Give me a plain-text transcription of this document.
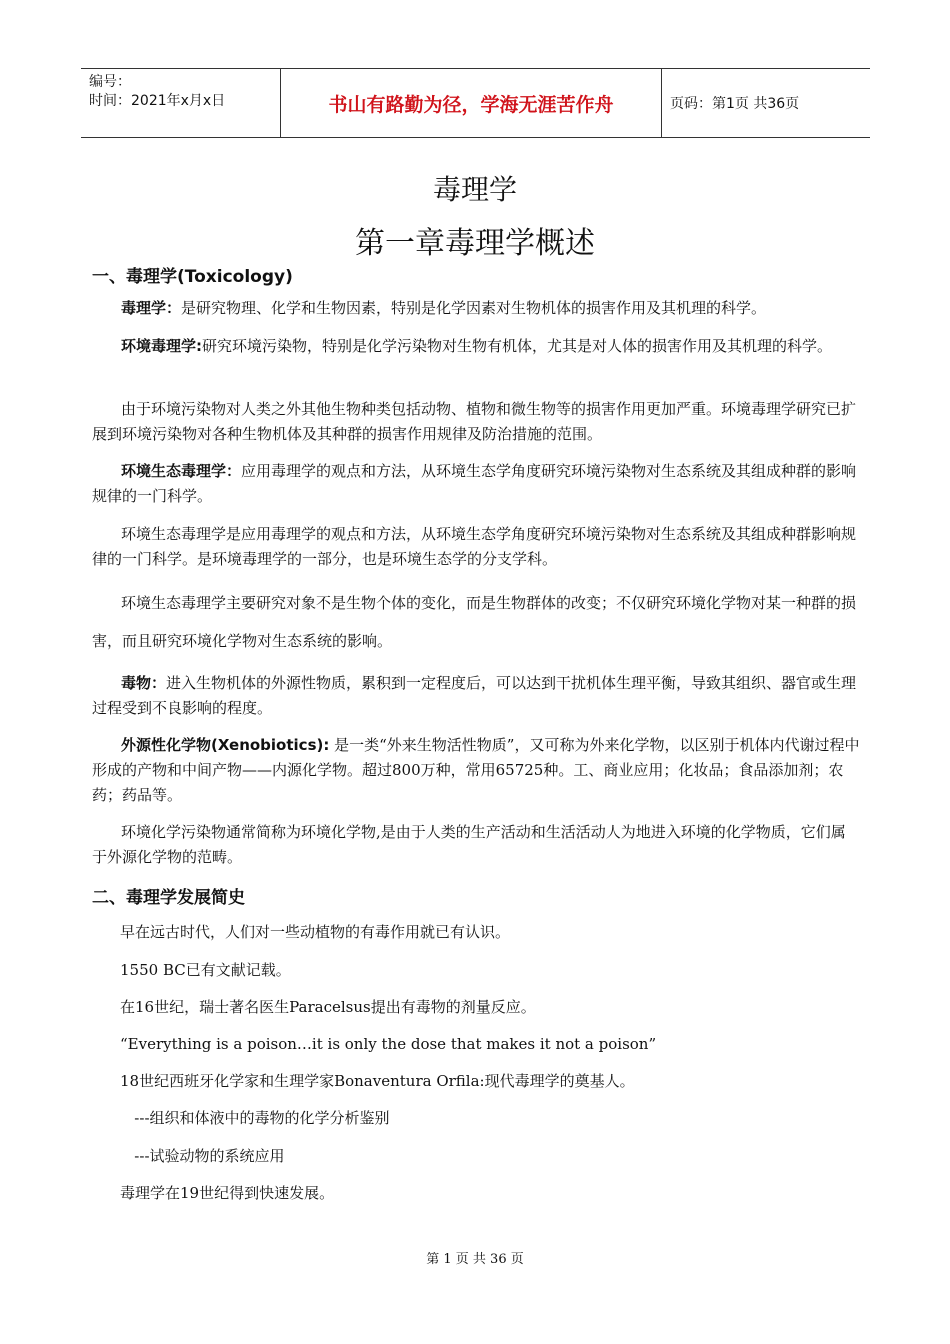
编号：
时间：2021年x月x日	书山有路勤为径，学海无涯苦作舟	页码：第1页 共36页
毒理学
第一章毒理学概述
一、毒理学(Toxicology)
毒理学：是研究物理、化学和生物因素，特别是化学因素对生物机体的损害作用及其机理的科学。
环境毒理学:研究环境污染物，特别是化学污染物对生物有机体，尤其是对人体的损害作用及其机理的科学。
由于环境污染物对人类之外其他生物种类包括动物、植物和微生物等的损害作用更加严重。环境毒理学研究已扩展到环境污染物对各种生物机体及其种群的损害作用规律及防治措施的范围。
环境生态毒理学：应用毒理学的观点和方法，从环境生态学角度研究环境污染物对生态系统及其组成种群的影响规律的一门科学。
环境生态毒理学是应用毒理学的观点和方法，从环境生态学角度研究环境污染物对生态系统及其组成种群影响规律的一门科学。是环境毒理学的一部分，也是环境生态学的分支学科。
环境生态毒理学主要研究对象不是生物个体的变化，而是生物群体的改变；不仅研究环境化学物对某一种群的损害，而且研究环境化学物对生态系统的影响。
毒物：进入生物机体的外源性物质，累积到一定程度后，可以达到干扰机体生理平衡，导致其组织、器官或生理过程受到不良影响的程度。
外源性化学物(Xenobiotics): 是一类“外来生物活性物质”，又可称为外来化学物，以区别于机体内代谢过程中形成的产物和中间产物——内源化学物。超过800万种，常用65725种。工、商业应用；化妆品；食品添加剂；农药；药品等。
环境化学污染物通常简称为环境化学物,是由于人类的生产活动和生活活动人为地进入环境的化学物质，它们属于外源化学物的范畴。
二、毒理学发展简史
早在远古时代，人们对一些动植物的有毒作用就已有认识。
1550 BC已有文献记载。
在16世纪，瑞士著名医生Paracelsus提出有毒物的剂量反应。
“Everything is a poison…it is only the dose that makes it not a poison”
18世纪西班牙化学家和生理学家Bonaventura Orfila:现代毒理学的奠基人。
---组织和体液中的毒物的化学分析鉴别
---试验动物的系统应用
毒理学在19世纪得到快速发展。
第 1 页 共 36 页
